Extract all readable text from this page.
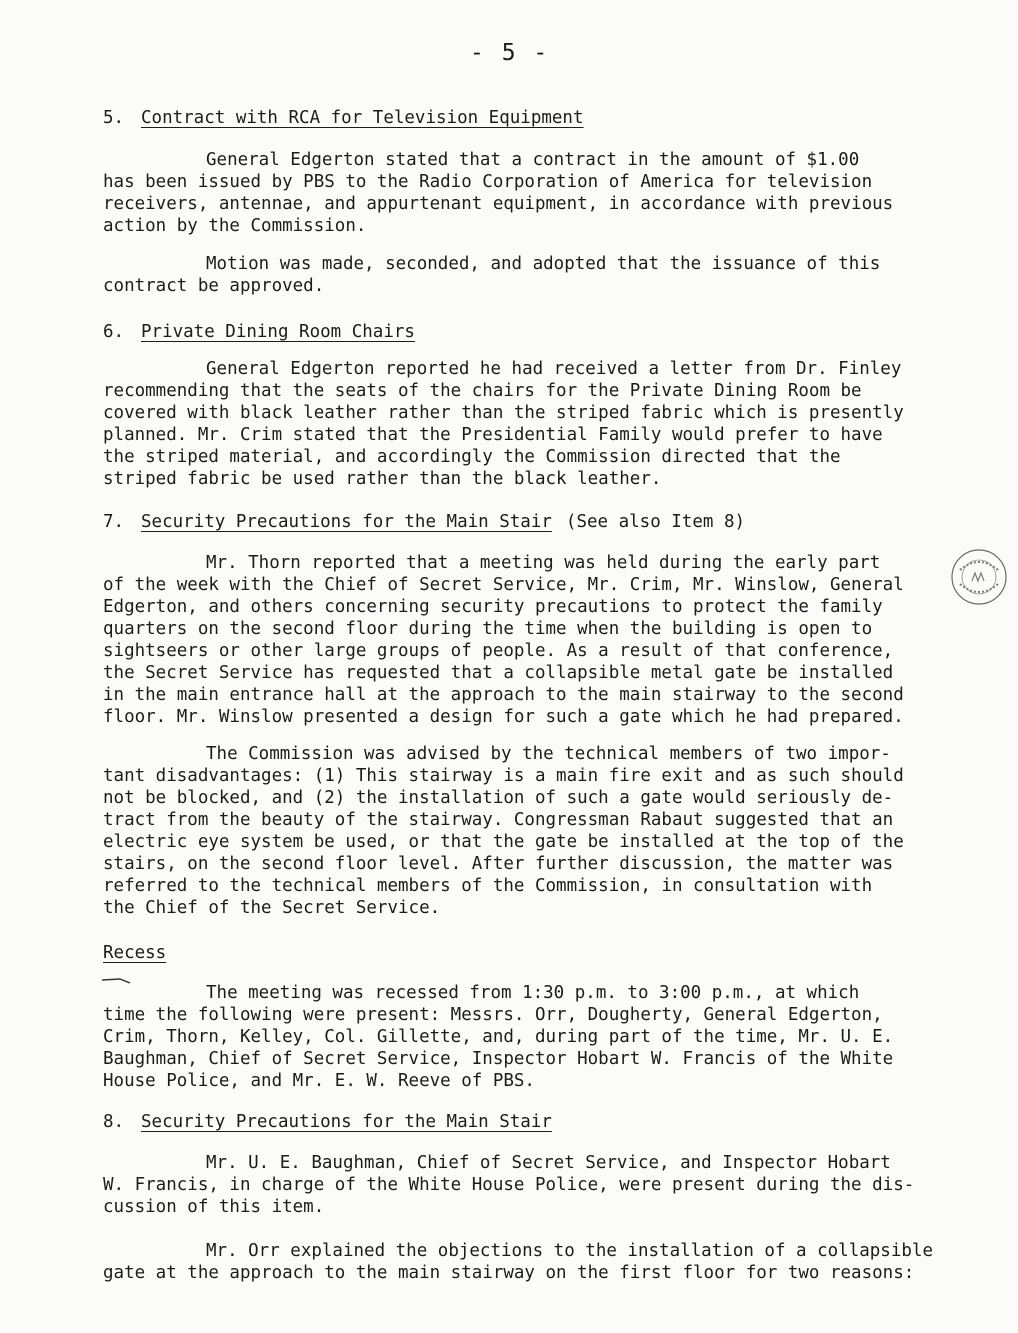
- 5 -
5. Contract with RCA for Television Equipment
General Edgerton stated that a contract in the amount of $1.00
has been issued by PBS to the Radio Corporation of America for television
receivers, antennae, and appurtenant equipment, in accordance with previous
action by the Commission.
Motion was made, seconded, and adopted that the issuance of this
contract be approved.
6. Private Dining Room Chairs
General Edgerton reported he had received a letter from Dr. Finley
recommending that the seats of the chairs for the Private Dining Room be
covered with black leather rather than the striped fabric which is presently
planned. Mr. Crim stated that the Presidential Family would prefer to have
the striped material, and accordingly the Commission directed that the
striped fabric be used rather than the black leather.
7. Security Precautions for the Main Stair (See also Item 8)
Mr. Thorn reported that a meeting was held during the early part
of the week with the Chief of Secret Service, Mr. Crim, Mr. Winslow, General
Edgerton, and others concerning security precautions to protect the family
quarters on the second floor during the time when the building is open to
sightseers or other large groups of people. As a result of that conference,
the Secret Service has requested that a collapsible metal gate be installed
in the main entrance hall at the approach to the main stairway to the second
floor. Mr. Winslow presented a design for such a gate which he had prepared.
The Commission was advised by the technical members of two impor-
tant disadvantages: (1) This stairway is a main fire exit and as such should
not be blocked, and (2) the installation of such a gate would seriously de-
tract from the beauty of the stairway. Congressman Rabaut suggested that an
electric eye system be used, or that the gate be installed at the top of the
stairs, on the second floor level. After further discussion, the matter was
referred to the technical members of the Commission, in consultation with
the Chief of the Secret Service.
Recess
The meeting was recessed from 1:30 p.m. to 3:00 p.m., at which
time the following were present: Messrs. Orr, Dougherty, General Edgerton,
Crim, Thorn, Kelley, Col. Gillette, and, during part of the time, Mr. U. E.
Baughman, Chief of Secret Service, Inspector Hobart W. Francis of the White
House Police, and Mr. E. W. Reeve of PBS.
8. Security Precautions for the Main Stair
Mr. U. E. Baughman, Chief of Secret Service, and Inspector Hobart
W. Francis, in charge of the White House Police, were present during the dis-
cussion of this item.
Mr. Orr explained the objections to the installation of a collapsible
gate at the approach to the main stairway on the first floor for two reasons:
